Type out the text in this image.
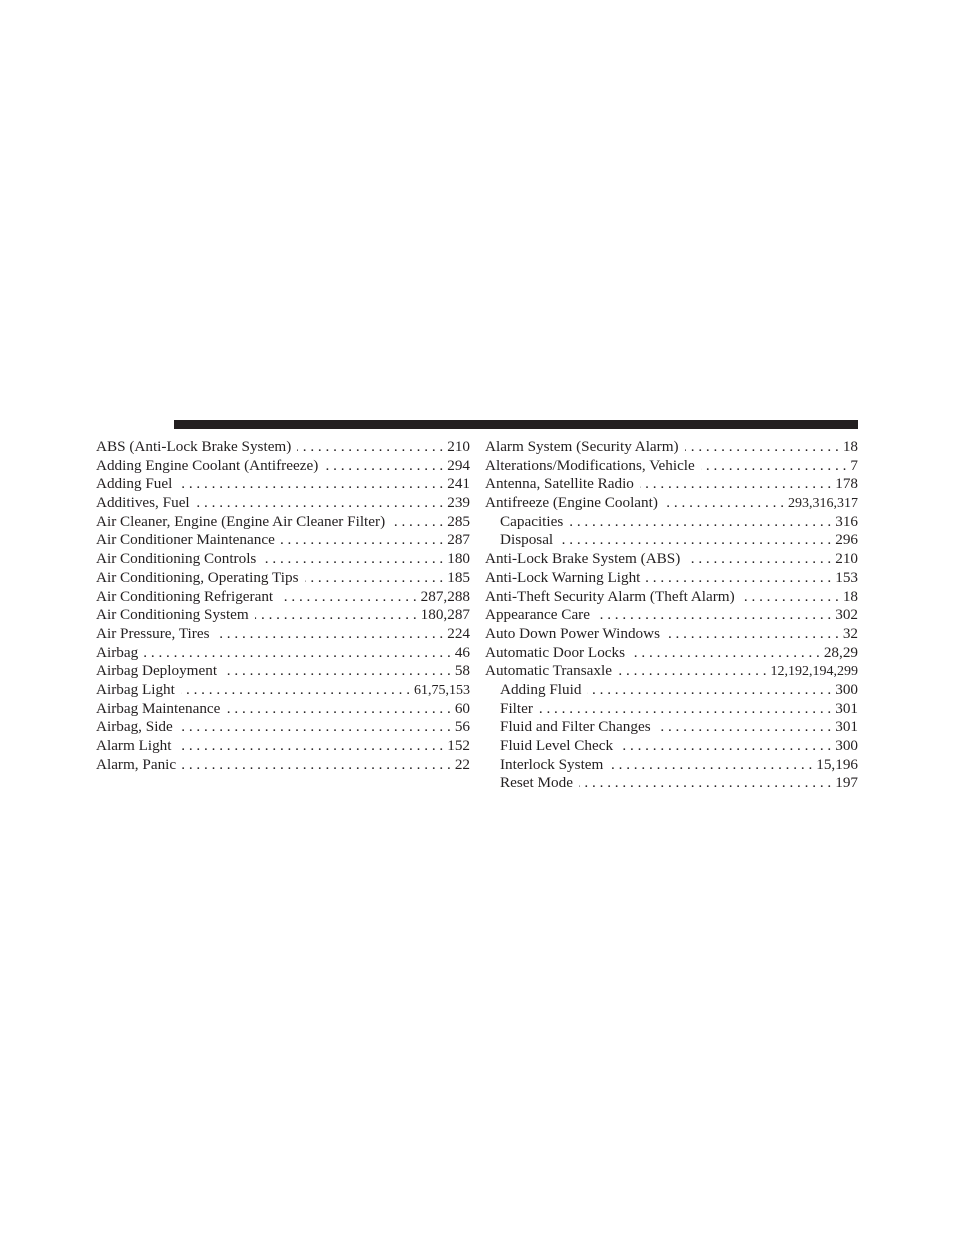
ABS (Anti-Lock Brake System) . . .	210
Adding Engine Coolant (Antifreeze) . . .	294
Adding Fuel . . .	241
Additives, Fuel . . .	239
Air Cleaner, Engine (Engine Air Cleaner Filter) . . .	285
Air Conditioner Maintenance . . .	287
Air Conditioning Controls . . .	180
Air Conditioning, Operating Tips . . .	185
Air Conditioning Refrigerant . . .	287,288
Air Conditioning System . . .	180,287
Air Pressure, Tires . . .	224
Airbag . . .	46
Airbag Deployment . . .	58
Airbag Light . . .	61,75,153
Airbag Maintenance . . .	60
Airbag, Side . . .	56
Alarm Light . . .	152
Alarm, Panic . . .	22
Alarm System (Security Alarm) . . .	18
Alterations/Modifications, Vehicle . . .	7
Antenna, Satellite Radio . . .	178
Antifreeze (Engine Coolant) . . .	293,316,317
Capacities . . .	316
Disposal . . .	296
Anti-Lock Brake System (ABS) . . .	210
Anti-Lock Warning Light . . .	153
Anti-Theft Security Alarm (Theft Alarm) . . .	18
Appearance Care . . .	302
Auto Down Power Windows . . .	32
Automatic Door Locks . . .	28,29
Automatic Transaxle . . .	12,192,194,299
Adding Fluid . . .	300
Filter . . .	301
Fluid and Filter Changes . . .	301
Fluid Level Check . . .	300
Interlock System . . .	15,196
Reset Mode . . .	197
